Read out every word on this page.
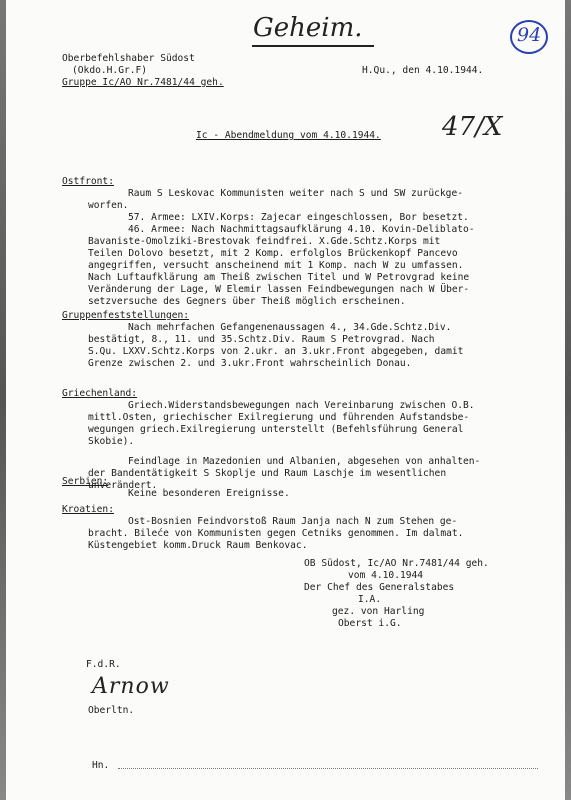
Geheim.	94
Oberbefehlshaber Südost
(Okdo.H.Gr.F)
Gruppe Ic/AO Nr.7481/44 geh.
H.Qu., den 4.10.1944.
Ic - Abendmeldung vom 4.10.1944. 47/X
Ostfront:
Raum S Leskovac Kommunisten weiter nach S und SW zurückge-
worfen.
57. Armee: LXIV.Korps: Zajecar eingeschlossen, Bor besetzt.
46. Armee: Nach Nachmittagsaufklärung 4.10. Kovin-Deliblato-
Bavaniste-Omolziki-Brestovak feindfrei. X.Gde.Schtz.Korps mit
Teilen Dolovo besetzt, mit 2 Komp. erfolglos Brückenkopf Pancevo
angegriffen, versucht anscheinend mit 1 Komp. nach W zu umfassen.
Nach Luftaufklärung am Theiß zwischen Titel und W Petrovgrad keine
Veränderung der Lage, W Elemir lassen Feindbewegungen nach W Über-
setzversuche des Gegners über Theiß möglich erscheinen.
Gruppenfeststellungen:
Nach mehrfachen Gefangenenaussagen 4., 34.Gde.Schtz.Div.
bestätigt, 8., 11. und 35.Schtz.Div. Raum S Petrovgrad. Nach
S.Qu. LXXV.Schtz.Korps von 2.ukr. an 3.ukr.Front abgegeben, damit
Grenze zwischen 2. und 3.ukr.Front wahrscheinlich Donau.
Griechenland:
Griech.Widerstandsbewegungen nach Vereinbarung zwischen O.B.
mittl.Osten, griechischer Exilregierung und führenden Aufstandsbe-
wegungen griech.Exilregierung unterstellt (Befehlsführung General
Skobie).
Feindlage in Mazedonien und Albanien, abgesehen von anhalten-
der Bandentätigkeit S Skoplje und Raum Laschje im wesentlichen
unverändert.
Serbien:
Keine besonderen Ereignisse.
Kroatien:
Ost-Bosnien Feindvorstoß Raum Janja nach N zum Stehen ge-
bracht. Bileće von Kommunisten gegen Cetniks genommen. Im dalmat.
Küstengebiet komm.Druck Raum Benkovac.
OB Südost, Ic/AO Nr.7481/44 geh.
vom 4.10.1944
Der Chef des Generalstabes
I.A.
gez. von Harling
Oberst i.G.
F.d.R.
Arnow
Oberltn.
Hn.
